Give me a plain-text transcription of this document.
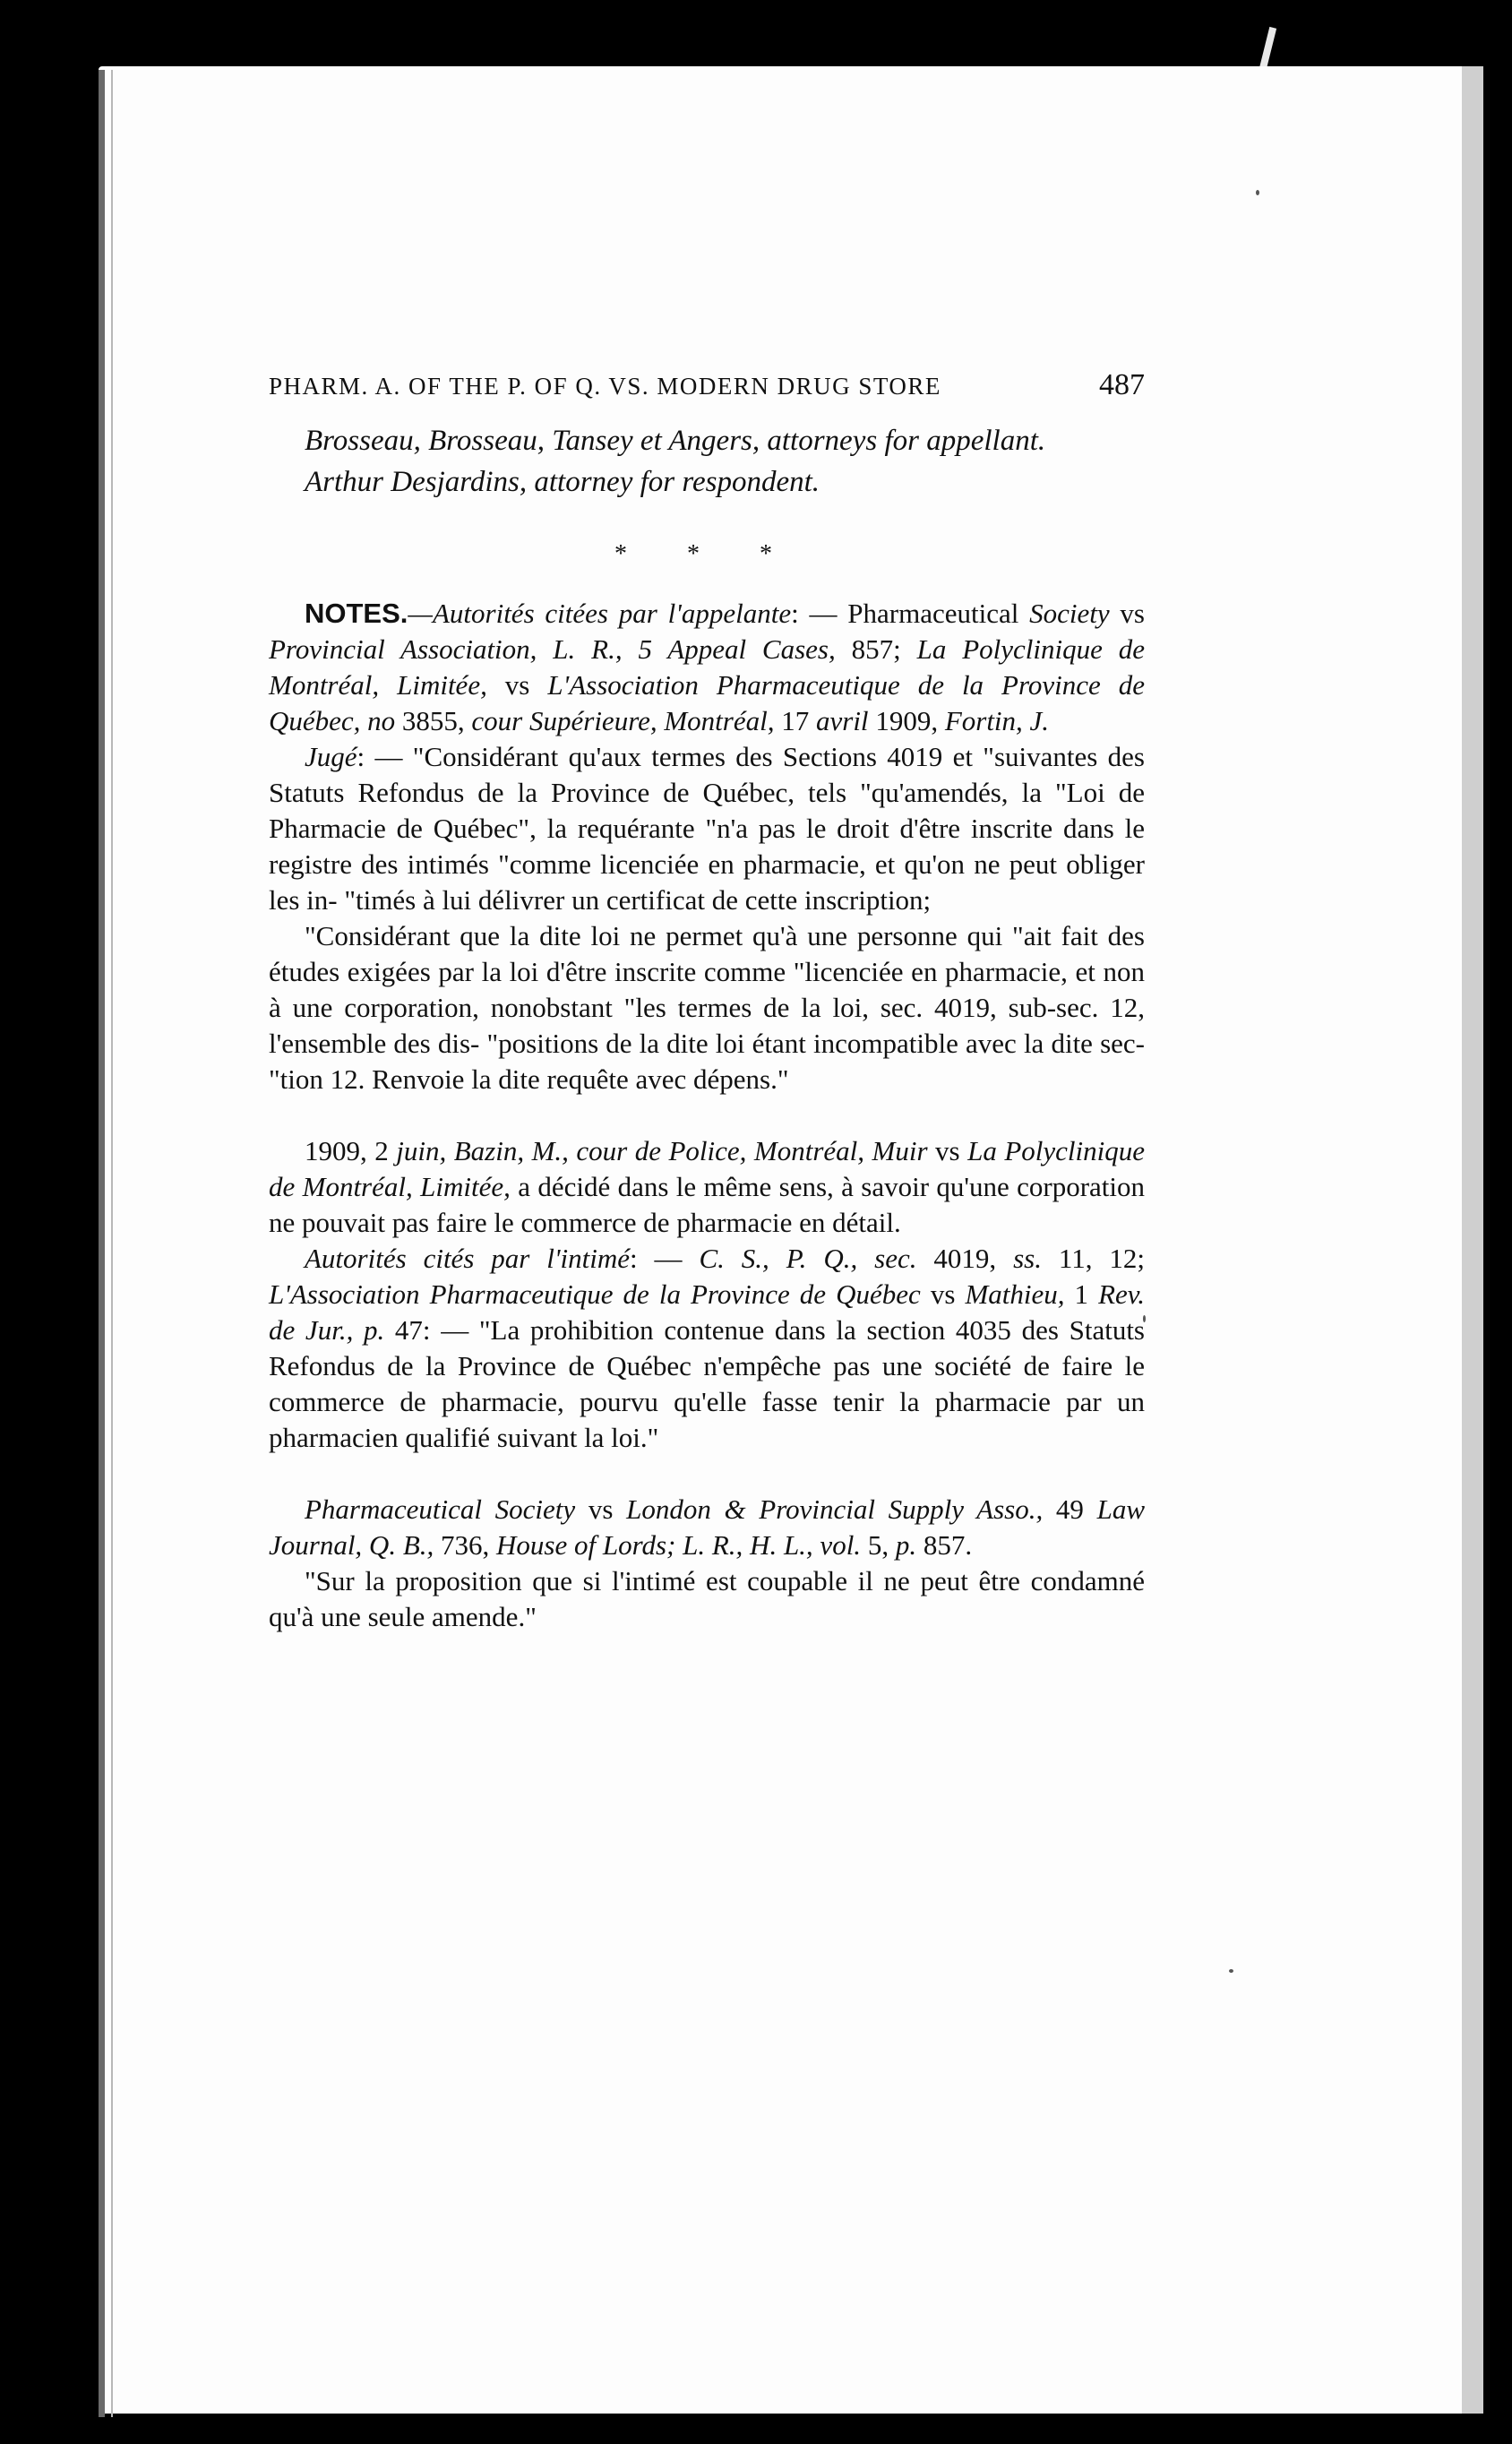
PHARM. A. OF THE P. OF Q. VS. MODERN DRUG STORE	487

Brosseau, Brosseau, Tansey et Angers, attorneys for appellant.

Arthur Desjardins, attorney for respondent.

* * *

NOTES.—Autorités citées par l'appelante: — Pharmaceutical Society vs Provincial Association, L. R., 5 Appeal Cases, 857; La Polyclinique de Montréal, Limitée, vs L'Association Pharmaceutique de la Province de Québec, no 3855, cour Supérieure, Montréal, 17 avril 1909, Fortin, J.

Jugé: — "Considérant qu'aux termes des Sections 4019 et "suivantes des Statuts Refondus de la Province de Québec, tels "qu'amendés, la "Loi de Pharmacie de Québec", la requérante "n'a pas le droit d'être inscrite dans le registre des intimés "comme licenciée en pharmacie, et qu'on ne peut obliger les in- "timés à lui délivrer un certificat de cette inscription;

"Considérant que la dite loi ne permet qu'à une personne qui "ait fait des études exigées par la loi d'être inscrite comme "licenciée en pharmacie, et non à une corporation, nonobstant "les termes de la loi, sec. 4019, sub-sec. 12, l'ensemble des dis- "positions de la dite loi étant incompatible avec la dite sec- "tion 12. Renvoie la dite requête avec dépens."

1909, 2 juin, Bazin, M., cour de Police, Montréal, Muir vs La Polyclinique de Montréal, Limitée, a décidé dans le même sens, à savoir qu'une corporation ne pouvait pas faire le commerce de pharmacie en détail.

Autorités cités par l'intimé: — C. S., P. Q., sec. 4019, ss. 11, 12; L'Association Pharmaceutique de la Province de Québec vs Mathieu, 1 Rev. de Jur., p. 47: — "La prohibition contenue dans la section 4035 des Statuts Refondus de la Province de Québec n'empêche pas une société de faire le commerce de pharmacie, pourvu qu'elle fasse tenir la pharmacie par un pharmacien qualifié suivant la loi."

Pharmaceutical Society vs London & Provincial Supply Asso., 49 Law Journal, Q. B., 736, House of Lords; L. R., H. L., vol. 5, p. 857.

"Sur la proposition que si l'intimé est coupable il ne peut être condamné qu'à une seule amende."
